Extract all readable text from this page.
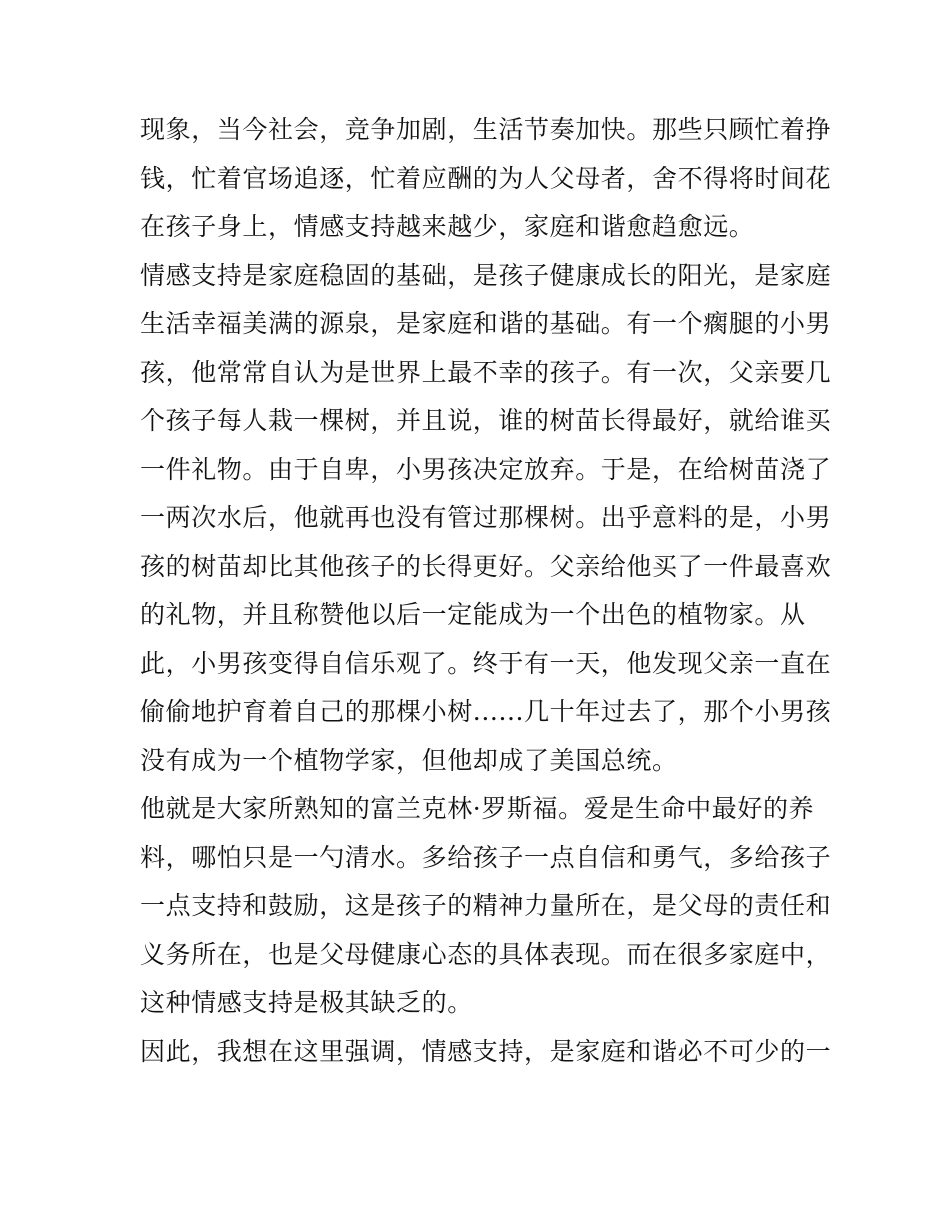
现象，当今社会，竞争加剧，生活节奏加快。那些只顾忙着挣
钱，忙着官场追逐，忙着应酬的为人父母者，舍不得将时间花
在孩子身上，情感支持越来越少，家庭和谐愈趋愈远。
情感支持是家庭稳固的基础，是孩子健康成长的阳光，是家庭
生活幸福美满的源泉，是家庭和谐的基础。有一个瘸腿的小男
孩，他常常自认为是世界上最不幸的孩子。有一次，父亲要几
个孩子每人栽一棵树，并且说，谁的树苗长得最好，就给谁买
一件礼物。由于自卑，小男孩决定放弃。于是，在给树苗浇了
一两次水后，他就再也没有管过那棵树。出乎意料的是，小男
孩的树苗却比其他孩子的长得更好。父亲给他买了一件最喜欢
的礼物，并且称赞他以后一定能成为一个出色的植物家。从
此，小男孩变得自信乐观了。终于有一天，他发现父亲一直在
偷偷地护育着自己的那棵小树......几十年过去了，那个小男孩
没有成为一个植物学家，但他却成了美国总统。
他就是大家所熟知的富兰克林·罗斯福。爱是生命中最好的养
料，哪怕只是一勺清水。多给孩子一点自信和勇气，多给孩子
一点支持和鼓励，这是孩子的精神力量所在，是父母的责任和
义务所在，也是父母健康心态的具体表现。而在很多家庭中，
这种情感支持是极其缺乏的。
因此，我想在这里强调，情感支持，是家庭和谐必不可少的一
